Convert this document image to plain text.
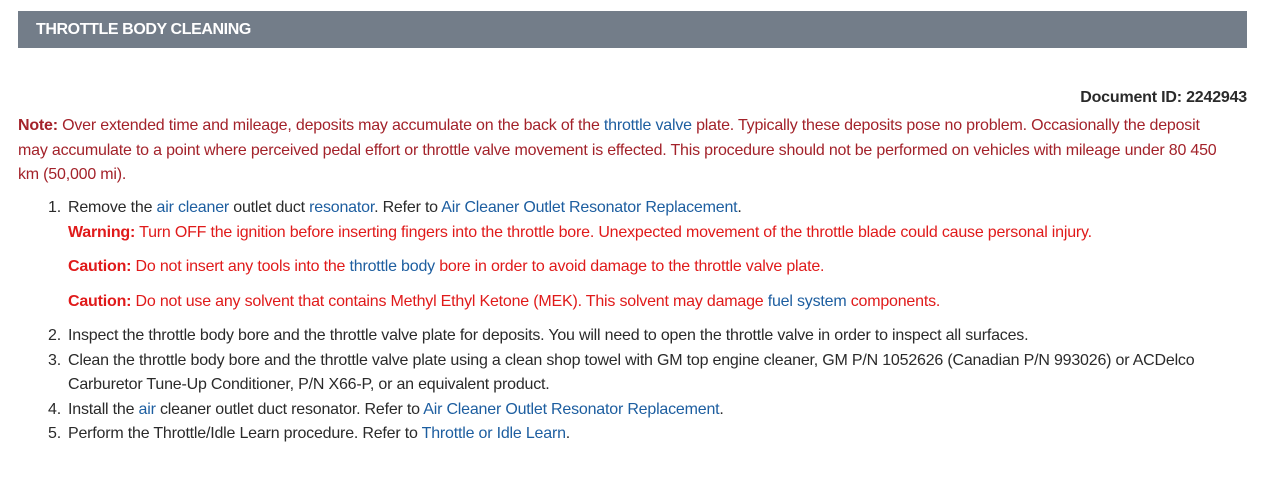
THROTTLE BODY CLEANING
Document ID: 2242943
Note: Over extended time and mileage, deposits may accumulate on the back of the throttle valve plate. Typically these deposits pose no problem. Occasionally the deposit may accumulate to a point where perceived pedal effort or throttle valve movement is effected. This procedure should not be performed on vehicles with mileage under 80 450 km (50,000 mi).
1. Remove the air cleaner outlet duct resonator. Refer to Air Cleaner Outlet Resonator Replacement.
Warning: Turn OFF the ignition before inserting fingers into the throttle bore. Unexpected movement of the throttle blade could cause personal injury.
Caution: Do not insert any tools into the throttle body bore in order to avoid damage to the throttle valve plate.
Caution: Do not use any solvent that contains Methyl Ethyl Ketone (MEK). This solvent may damage fuel system components.
2. Inspect the throttle body bore and the throttle valve plate for deposits. You will need to open the throttle valve in order to inspect all surfaces.
3. Clean the throttle body bore and the throttle valve plate using a clean shop towel with GM top engine cleaner, GM P/N 1052626 (Canadian P/N 993026) or ACDelco Carburetor Tune-Up Conditioner, P/N X66-P, or an equivalent product.
4. Install the air cleaner outlet duct resonator. Refer to Air Cleaner Outlet Resonator Replacement.
5. Perform the Throttle/Idle Learn procedure. Refer to Throttle or Idle Learn.
